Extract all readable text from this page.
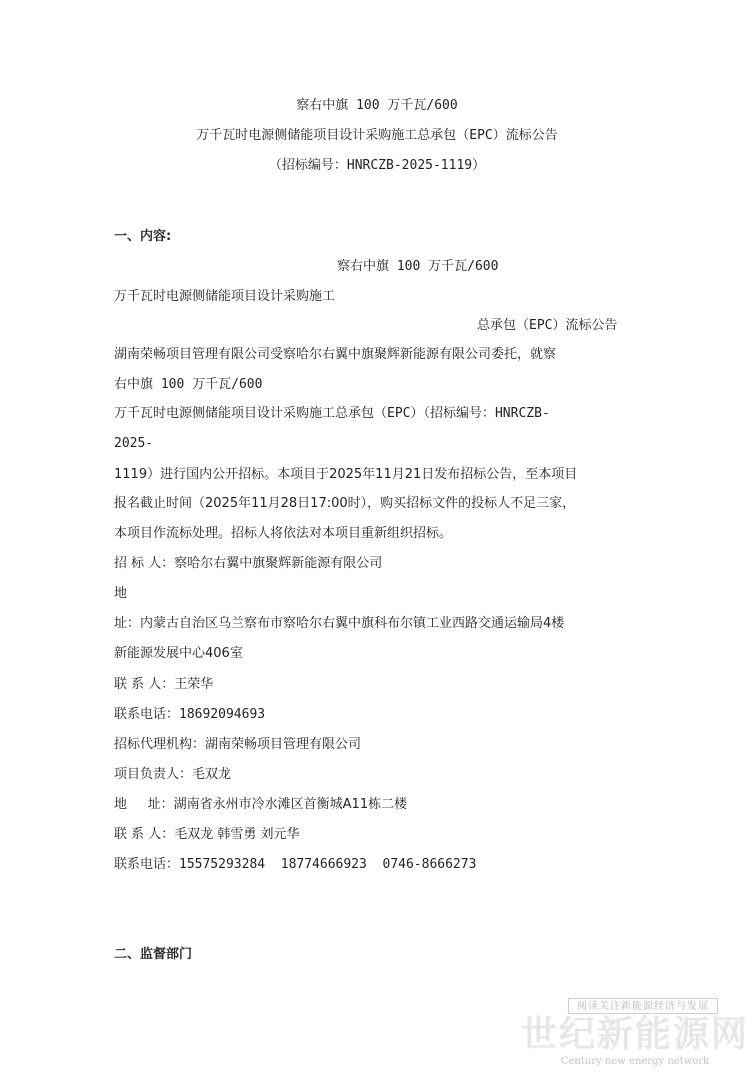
察右中旗 100 万千瓦/600
万千瓦时电源侧储能项目设计采购施工总承包（EPC）流标公告
（招标编号：HNRCZB-2025-1119）
一、内容:
察右中旗 100 万千瓦/600
万千瓦时电源侧储能项目设计采购施工
总承包（EPC）流标公告
湖南荣畅项目管理有限公司受察哈尔右翼中旗聚辉新能源有限公司委托，就察
右中旗 100 万千瓦/600
万千瓦时电源侧储能项目设计采购施工总承包（EPC）（招标编号：HNRCZB-
2025-
1119）进行国内公开招标。本项目于2025年11月21日发布招标公告，至本项目
报名截止时间（2025年11月28日17:00时），购买招标文件的投标人不足三家，
本项目作流标处理。招标人将依法对本项目重新组织招标。
招 标 人：察哈尔右翼中旗聚辉新能源有限公司
地
址：内蒙古自治区乌兰察布市察哈尔右翼中旗科布尔镇工业西路交通运输局4楼
新能源发展中心406室
联 系 人：王荣华
联系电话：18692094693
招标代理机构：湖南荣畅项目管理有限公司
项目负责人：毛双龙
地     址：湖南省永州市冷水滩区首衡城A11栋二楼
联 系 人：毛双龙 韩雪勇 刘元华
联系电话：15575293284  18774666923  0746-8666273
二、监督部门
阅读关注新能源经济与发展
世纪新能源网
Century new energy network
